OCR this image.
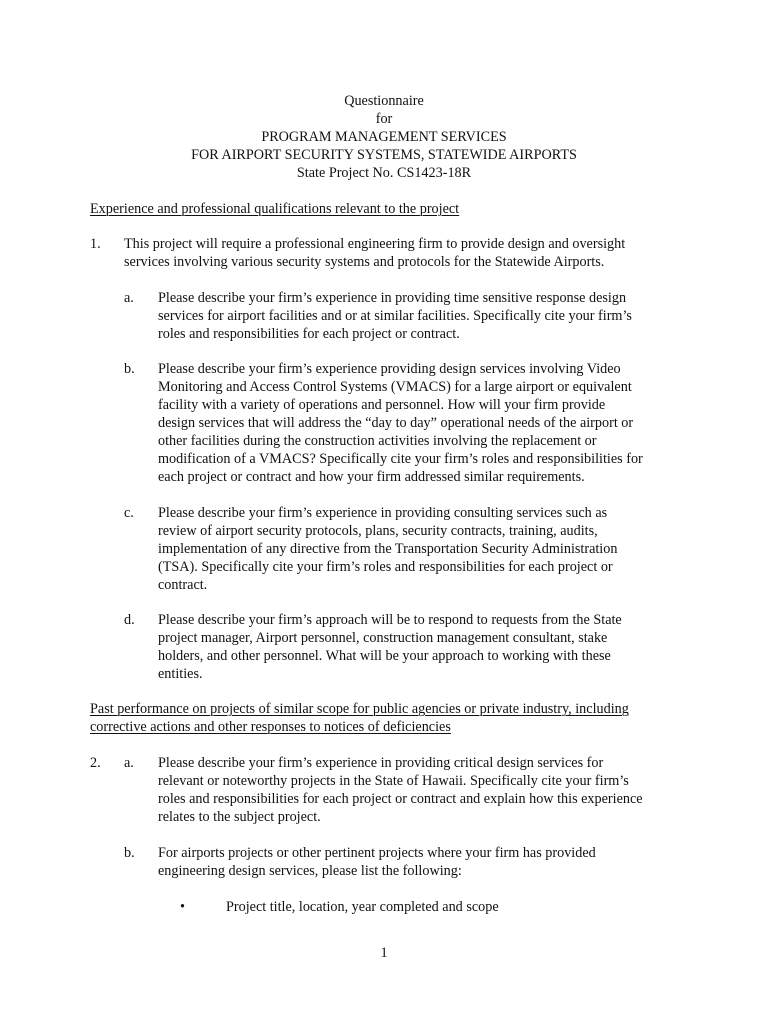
Questionnaire
for
PROGRAM MANAGEMENT SERVICES
FOR AIRPORT SECURITY SYSTEMS, STATEWIDE AIRPORTS
State Project No. CS1423-18R
Experience and professional qualifications relevant to the project
1. This project will require a professional engineering firm to provide design and oversight
services involving various security systems and protocols for the Statewide Airports.
a. Please describe your firm’s experience in providing time sensitive response design
services for airport facilities and or at similar facilities. Specifically cite your firm’s
roles and responsibilities for each project or contract.
b. Please describe your firm’s experience providing design services involving Video
Monitoring and Access Control Systems (VMACS) for a large airport or equivalent
facility with a variety of operations and personnel. How will your firm provide
design services that will address the “day to day” operational needs of the airport or
other facilities during the construction activities involving the replacement or
modification of a VMACS? Specifically cite your firm’s roles and responsibilities for
each project or contract and how your firm addressed similar requirements.
c. Please describe your firm’s experience in providing consulting services such as
review of airport security protocols, plans, security contracts, training, audits,
implementation of any directive from the Transportation Security Administration
(TSA). Specifically cite your firm’s roles and responsibilities for each project or
contract.
d. Please describe your firm’s approach will be to respond to requests from the State
project manager, Airport personnel, construction management consultant, stake
holders, and other personnel. What will be your approach to working with these
entities.
Past performance on projects of similar scope for public agencies or private industry, including
corrective actions and other responses to notices of deficiencies
2. a. Please describe your firm’s experience in providing critical design services for
relevant or noteworthy projects in the State of Hawaii. Specifically cite your firm’s
roles and responsibilities for each project or contract and explain how this experience
relates to the subject project.
b. For airports projects or other pertinent projects where your firm has provided
engineering design services, please list the following:
•	Project title, location, year completed and scope
1
